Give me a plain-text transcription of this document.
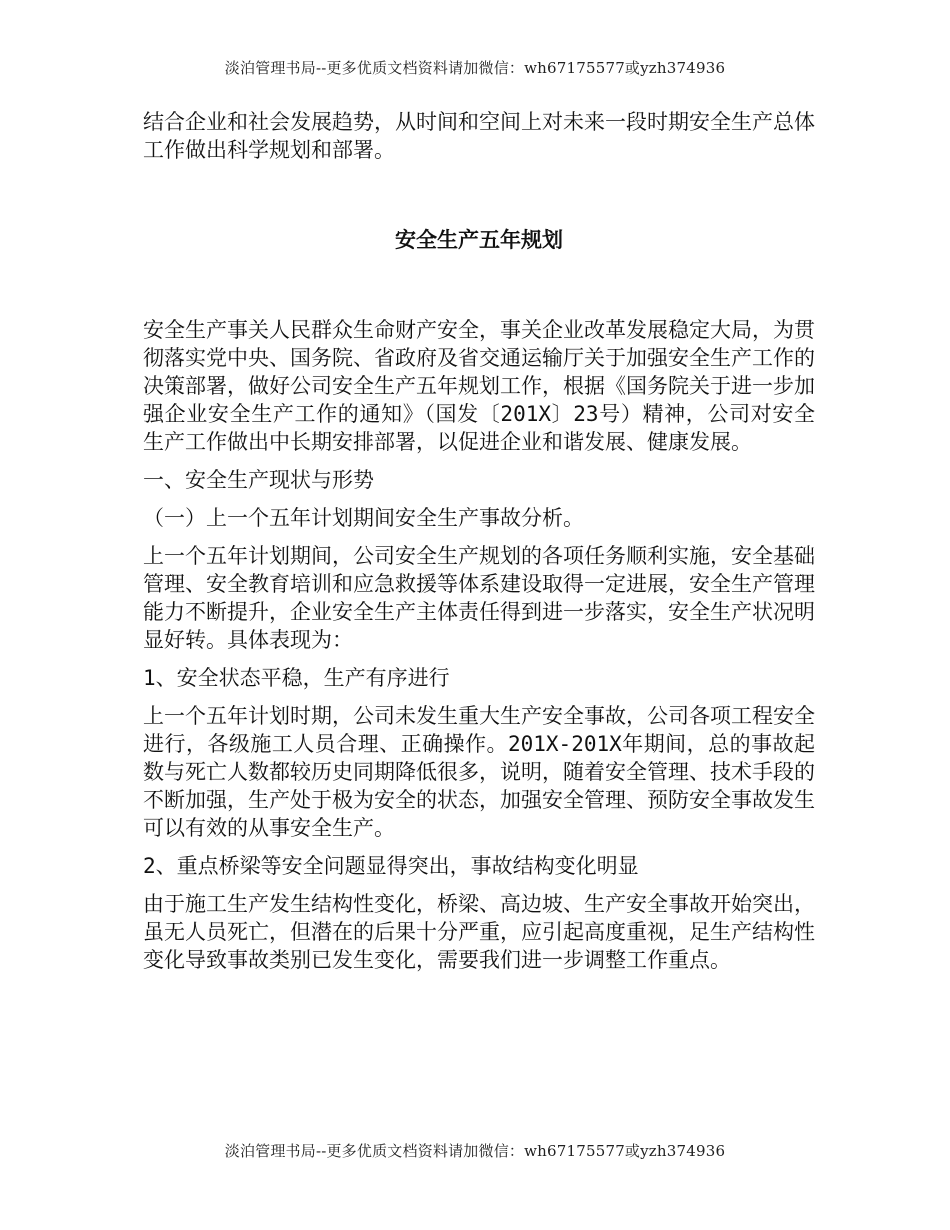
淡泊管理书局--更多优质文档资料请加微信：wh67175577或yzh374936

结合企业和社会发展趋势，从时间和空间上对未来一段时期安全生产总体工作做出科学规划和部署。

安全生产五年规划

安全生产事关人民群众生命财产安全，事关企业改革发展稳定大局，为贯彻落实党中央、国务院、省政府及省交通运输厅关于加强安全生产工作的决策部署，做好公司安全生产五年规划工作，根据《国务院关于进一步加强企业安全生产工作的通知》（国发〔201X〕23号）精神，公司对安全生产工作做出中长期安排部署，以促进企业和谐发展、健康发展。

一、安全生产现状与形势

（一）上一个五年计划期间安全生产事故分析。

上一个五年计划期间，公司安全生产规划的各项任务顺利实施，安全基础管理、安全教育培训和应急救援等体系建设取得一定进展，安全生产管理能力不断提升，企业安全生产主体责任得到进一步落实，安全生产状况明显好转。具体表现为：

1、安全状态平稳，生产有序进行

上一个五年计划时期，公司未发生重大生产安全事故，公司各项工程安全进行，各级施工人员合理、正确操作。201X-201X年期间，总的事故起数与死亡人数都较历史同期降低很多，说明，随着安全管理、技术手段的不断加强，生产处于极为安全的状态，加强安全管理、预防安全事故发生可以有效的从事安全生产。

2、重点桥梁等安全问题显得突出，事故结构变化明显

由于施工生产发生结构性变化，桥梁、高边坡、生产安全事故开始突出，虽无人员死亡，但潜在的后果十分严重，应引起高度重视，足生产结构性变化导致事故类别已发生变化，需要我们进一步调整工作重点。

淡泊管理书局--更多优质文档资料请加微信：wh67175577或yzh374936
